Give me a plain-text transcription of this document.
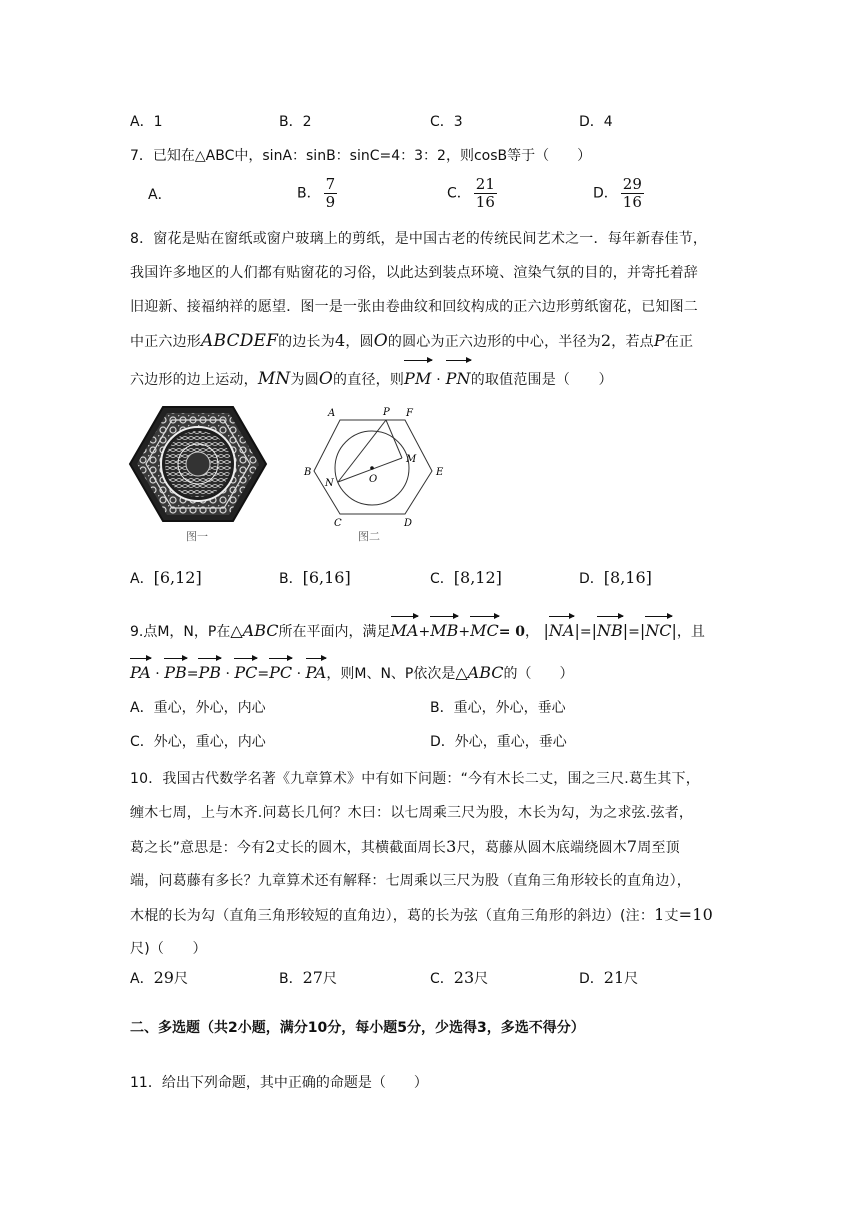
A．1	B．2	C．3	D．4
7．已知在△ABC中，sinA：sinB：sinC=4：3：2，则cosB等于（　　）
A．	B． $\frac{7}{9}$	C． $\frac{21}{16}$	D． $\frac{29}{16}$
8．窗花是贴在窗纸或窗户玻璃上的剪纸，是中国古老的传统民间艺术之一．每年新春佳节，
我国许多地区的人们都有贴窗花的习俗，以此达到装点环境、渲染气氛的目的，并寄托着辞
旧迎新、接福纳祥的愿望．图一是一张由卷曲纹和回纹构成的正六边形剪纸窗花，已知图二
中正六边形ABCDEF的边长为4，圆O的圆心为正六边形的中心，半径为2，若点P在正
六边形的边上运动，MN为圆O的直径，则PM · PN的取值范围是（　　）
图一
A	P F
B	E
C	D
M
N	O
图二
A．[6,12]	B．[6,16]	C．[8,12]	D．[8,16]
9.点M，N，P在△ABC所在平面内，满足MA+MB+MC= 0， |NA|=|NB|=|NC|，且
PA · PB=PB · PC=PC · PA，则M、N、P依次是△ABC的（　　）
A．重心，外心，内心	B．重心，外心，垂心
C．外心，重心，内心	D．外心，重心，垂心
10．我国古代数学名著《九章算术》中有如下问题：“今有木长二丈，围之三尺.葛生其下，
缠木七周，上与木齐.问葛长几何？木曰：以七周乘三尺为股，木长为勾，为之求弦.弦者，
葛之长”意思是：今有2丈长的圆木，其横截面周长3尺，葛藤从圆木底端绕圆木7周至顶
端，问葛藤有多长？九章算术还有解释：七周乘以三尺为股（直角三角形较长的直角边），
木棍的长为勾（直角三角形较短的直角边），葛的长为弦（直角三角形的斜边）(注：1丈=10
尺)（　　）
A．29尺	B．27尺	C．23尺	D．21尺
二、多选题（共2小题，满分10分，每小题5分，少选得3，多选不得分）
11．给出下列命题，其中正确的命题是（　　）
